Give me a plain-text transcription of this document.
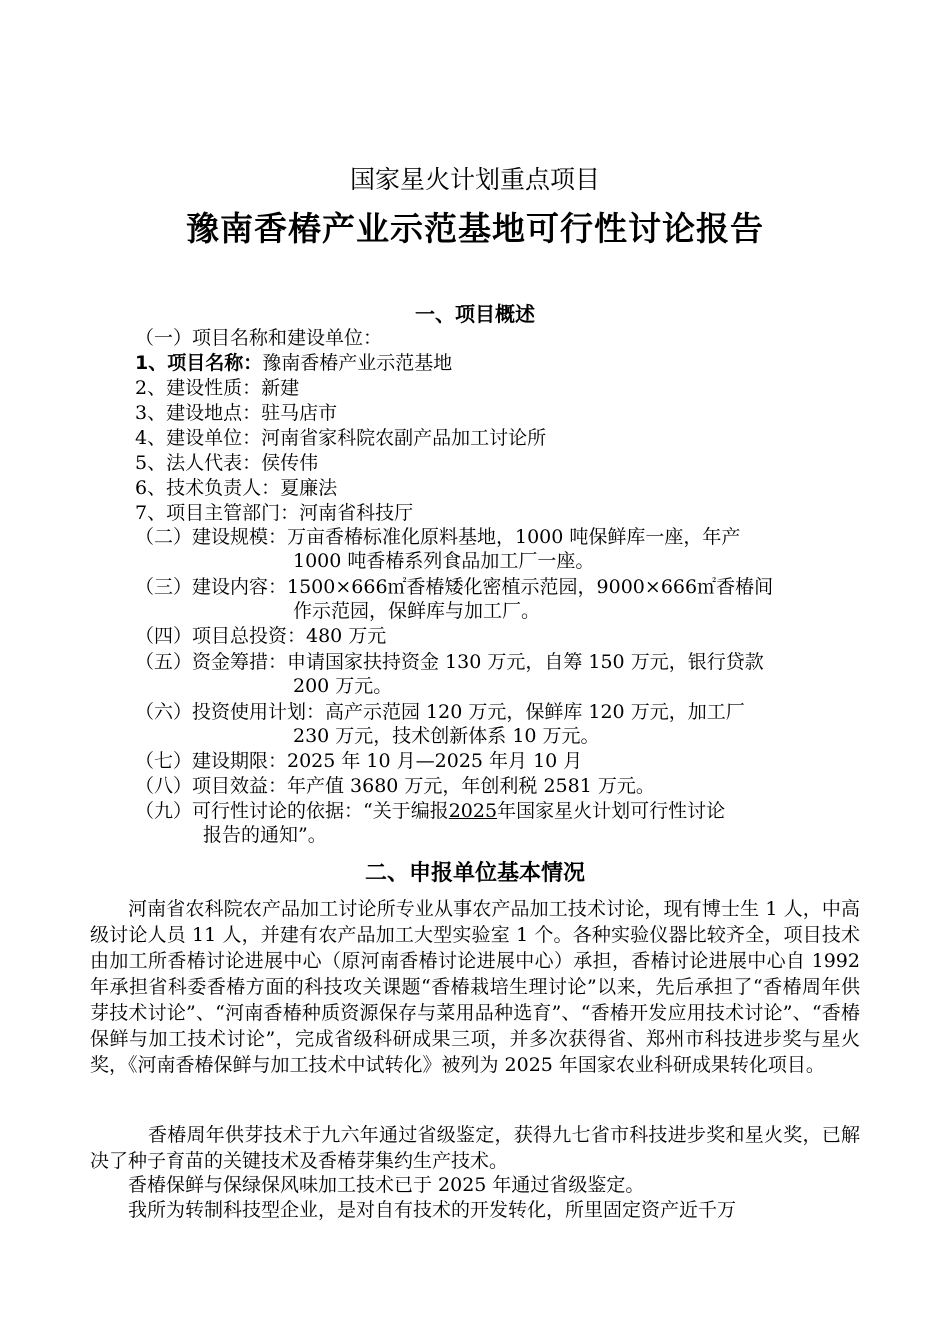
国家星火计划重点项目
豫南香椿产业示范基地可行性讨论报告
一、项目概述
（一）项目名称和建设单位：
1、项目名称：豫南香椿产业示范基地
2、建设性质：新建
3、建设地点：驻马店市
4、建设单位：河南省家科院农副产品加工讨论所
5、法人代表：侯传伟
6、技术负责人：夏廉法
7、项目主管部门：河南省科技厅
（二）建设规模：万亩香椿标准化原料基地，1000 吨保鲜库一座，年产
1000 吨香椿系列食品加工厂一座。
（三）建设内容：1500×666㎡香椿矮化密植示范园，9000×666㎡香椿间
作示范园，保鲜库与加工厂。
（四）项目总投资：480 万元
（五）资金筹措：申请国家扶持资金 130 万元，自筹 150 万元，银行贷款
200 万元。
（六）投资使用计划：高产示范园 120 万元，保鲜库 120 万元，加工厂
230 万元，技术创新体系 10 万元。
（七）建设期限：2025 年 10 月—2025 年月 10 月
（八）项目效益：年产值 3680 万元，年创利税 2581 万元。
（九）可行性讨论的依据：“关于编报2025年国家星火计划可行性讨论
报告的通知”。
二、申报单位基本情况
河南省农科院农产品加工讨论所专业从事农产品加工技术讨论，现有博士生 1 人，中高级讨论人员 11 人，并建有农产品加工大型实验室 1 个。各种实验仪器比较齐全，项目技术由加工所香椿讨论进展中心（原河南香椿讨论进展中心）承担，香椿讨论进展中心自 1992 年承担省科委香椿方面的科技攻关课题“香椿栽培生理讨论”以来，先后承担了“香椿周年供芽技术讨论”、“河南香椿种质资源保存与菜用品种选育”、“香椿开发应用技术讨论”、“香椿保鲜与加工技术讨论”，完成省级科研成果三项，并多次获得省、郑州市科技进步奖与星火奖，《河南香椿保鲜与加工技术中试转化》被列为 2025 年国家农业科研成果转化项目。
香椿周年供芽技术于九六年通过省级鉴定，获得九七省市科技进步奖和星火奖，已解决了种子育苗的关键技术及香椿芽集约生产技术。
香椿保鲜与保绿保风味加工技术已于 2025 年通过省级鉴定。
我所为转制科技型企业，是对自有技术的开发转化，所里固定资产近千万
